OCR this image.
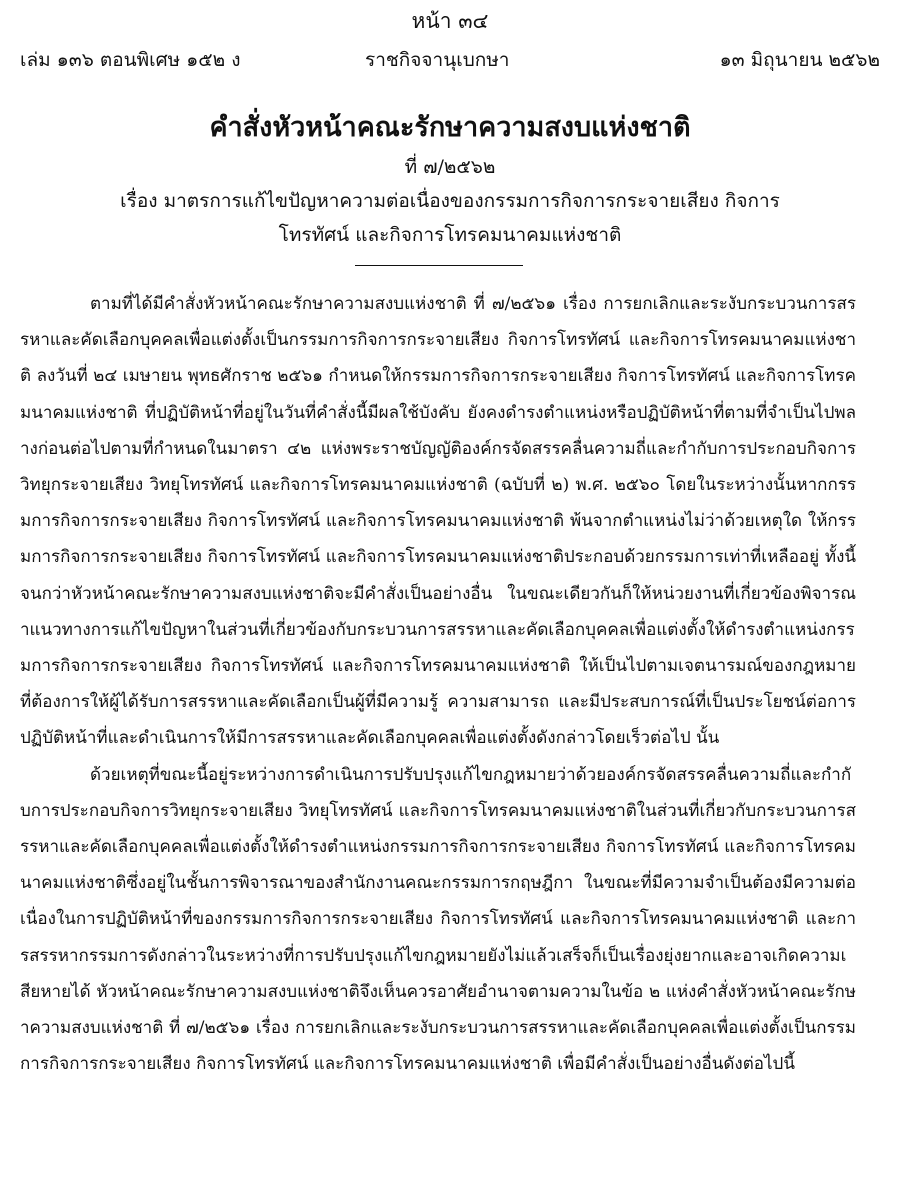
หน้า ๓๔
เล่ม ๑๓๖ ตอนพิเศษ ๑๕๒ ง	ราชกิจจานุเบกษา	๑๓ มิถุนายน ๒๕๖๒
คำสั่งหัวหน้าคณะรักษาความสงบแห่งชาติ
ที่ ๗/๒๕๖๒
เรื่อง มาตรการแก้ไขปัญหาความต่อเนื่องของกรรมการกิจการกระจายเสียง กิจการโทรทัศน์ และกิจการโทรคมนาคมแห่งชาติ

ตามที่ได้มีคำสั่งหัวหน้าคณะรักษาความสงบแห่งชาติ ที่ ๗/๒๕๖๑ เรื่อง การยกเลิกและระงับกระบวนการสรรหาและคัดเลือกบุคคลเพื่อแต่งตั้งเป็นกรรมการกิจการกระจายเสียง กิจการโทรทัศน์ และกิจการโทรคมนาคมแห่งชาติ ลงวันที่ ๒๔ เมษายน พุทธศักราช ๒๕๖๑ กำหนดให้กรรมการกิจการกระจายเสียง กิจการโทรทัศน์ และกิจการโทรคมนาคมแห่งชาติ ที่ปฏิบัติหน้าที่อยู่ในวันที่คำสั่งนี้มีผลใช้บังคับ ยังคงดำรงตำแหน่งหรือปฏิบัติหน้าที่ตามที่จำเป็นไปพลางก่อนต่อไปตามที่กำหนดในมาตรา ๔๒ แห่งพระราชบัญญัติองค์กรจัดสรรคลื่นความถี่และกำกับการประกอบกิจการวิทยุกระจายเสียง วิทยุโทรทัศน์ และกิจการโทรคมนาคมแห่งชาติ (ฉบับที่ ๒) พ.ศ. ๒๕๖๐ โดยในระหว่างนั้นหากกรรมการกิจการกระจายเสียง กิจการโทรทัศน์ และกิจการโทรคมนาคมแห่งชาติ พ้นจากตำแหน่งไม่ว่าด้วยเหตุใด ให้กรรมการกิจการกระจายเสียง กิจการโทรทัศน์ และกิจการโทรคมนาคมแห่งชาติประกอบด้วยกรรมการเท่าที่เหลืออยู่ ทั้งนี้ จนกว่าหัวหน้าคณะรักษาความสงบแห่งชาติจะมีคำสั่งเป็นอย่างอื่น ในขณะเดียวกันก็ให้หน่วยงานที่เกี่ยวข้องพิจารณาแนวทางการแก้ไขปัญหาในส่วนที่เกี่ยวข้องกับกระบวนการสรรหาและคัดเลือกบุคคลเพื่อแต่งตั้งให้ดำรงตำแหน่งกรรมการกิจการกระจายเสียง กิจการโทรทัศน์ และกิจการโทรคมนาคมแห่งชาติ ให้เป็นไปตามเจตนารมณ์ของกฎหมายที่ต้องการให้ผู้ได้รับการสรรหาและคัดเลือกเป็นผู้ที่มีความรู้ ความสามารถ และมีประสบการณ์ที่เป็นประโยชน์ต่อการปฏิบัติหน้าที่และดำเนินการให้มีการสรรหาและคัดเลือกบุคคลเพื่อแต่งตั้งดังกล่าวโดยเร็วต่อไป นั้น

ด้วยเหตุที่ขณะนี้อยู่ระหว่างการดำเนินการปรับปรุงแก้ไขกฎหมายว่าด้วยองค์กรจัดสรรคลื่นความถี่และกำกับการประกอบกิจการวิทยุกระจายเสียง วิทยุโทรทัศน์ และกิจการโทรคมนาคมแห่งชาติในส่วนที่เกี่ยวกับกระบวนการสรรหาและคัดเลือกบุคคลเพื่อแต่งตั้งให้ดำรงตำแหน่งกรรมการกิจการกระจายเสียง กิจการโทรทัศน์ และกิจการโทรคมนาคมแห่งชาติซึ่งอยู่ในชั้นการพิจารณาของสำนักงานคณะกรรมการกฤษฎีกา ในขณะที่มีความจำเป็นต้องมีความต่อเนื่องในการปฏิบัติหน้าที่ของกรรมการกิจการกระจายเสียง กิจการโทรทัศน์ และกิจการโทรคมนาคมแห่งชาติ และการสรรหากรรมการดังกล่าวในระหว่างที่การปรับปรุงแก้ไขกฎหมายยังไม่แล้วเสร็จก็เป็นเรื่องยุ่งยากและอาจเกิดความเสียหายได้ หัวหน้าคณะรักษาความสงบแห่งชาติจึงเห็นควรอาศัยอำนาจตามความในข้อ ๒ แห่งคำสั่งหัวหน้าคณะรักษาความสงบแห่งชาติ ที่ ๗/๒๕๖๑ เรื่อง การยกเลิกและระงับกระบวนการสรรหาและคัดเลือกบุคคลเพื่อแต่งตั้งเป็นกรรมการกิจการกระจายเสียง กิจการโทรทัศน์ และกิจการโทรคมนาคมแห่งชาติ เพื่อมีคำสั่งเป็นอย่างอื่นดังต่อไปนี้
